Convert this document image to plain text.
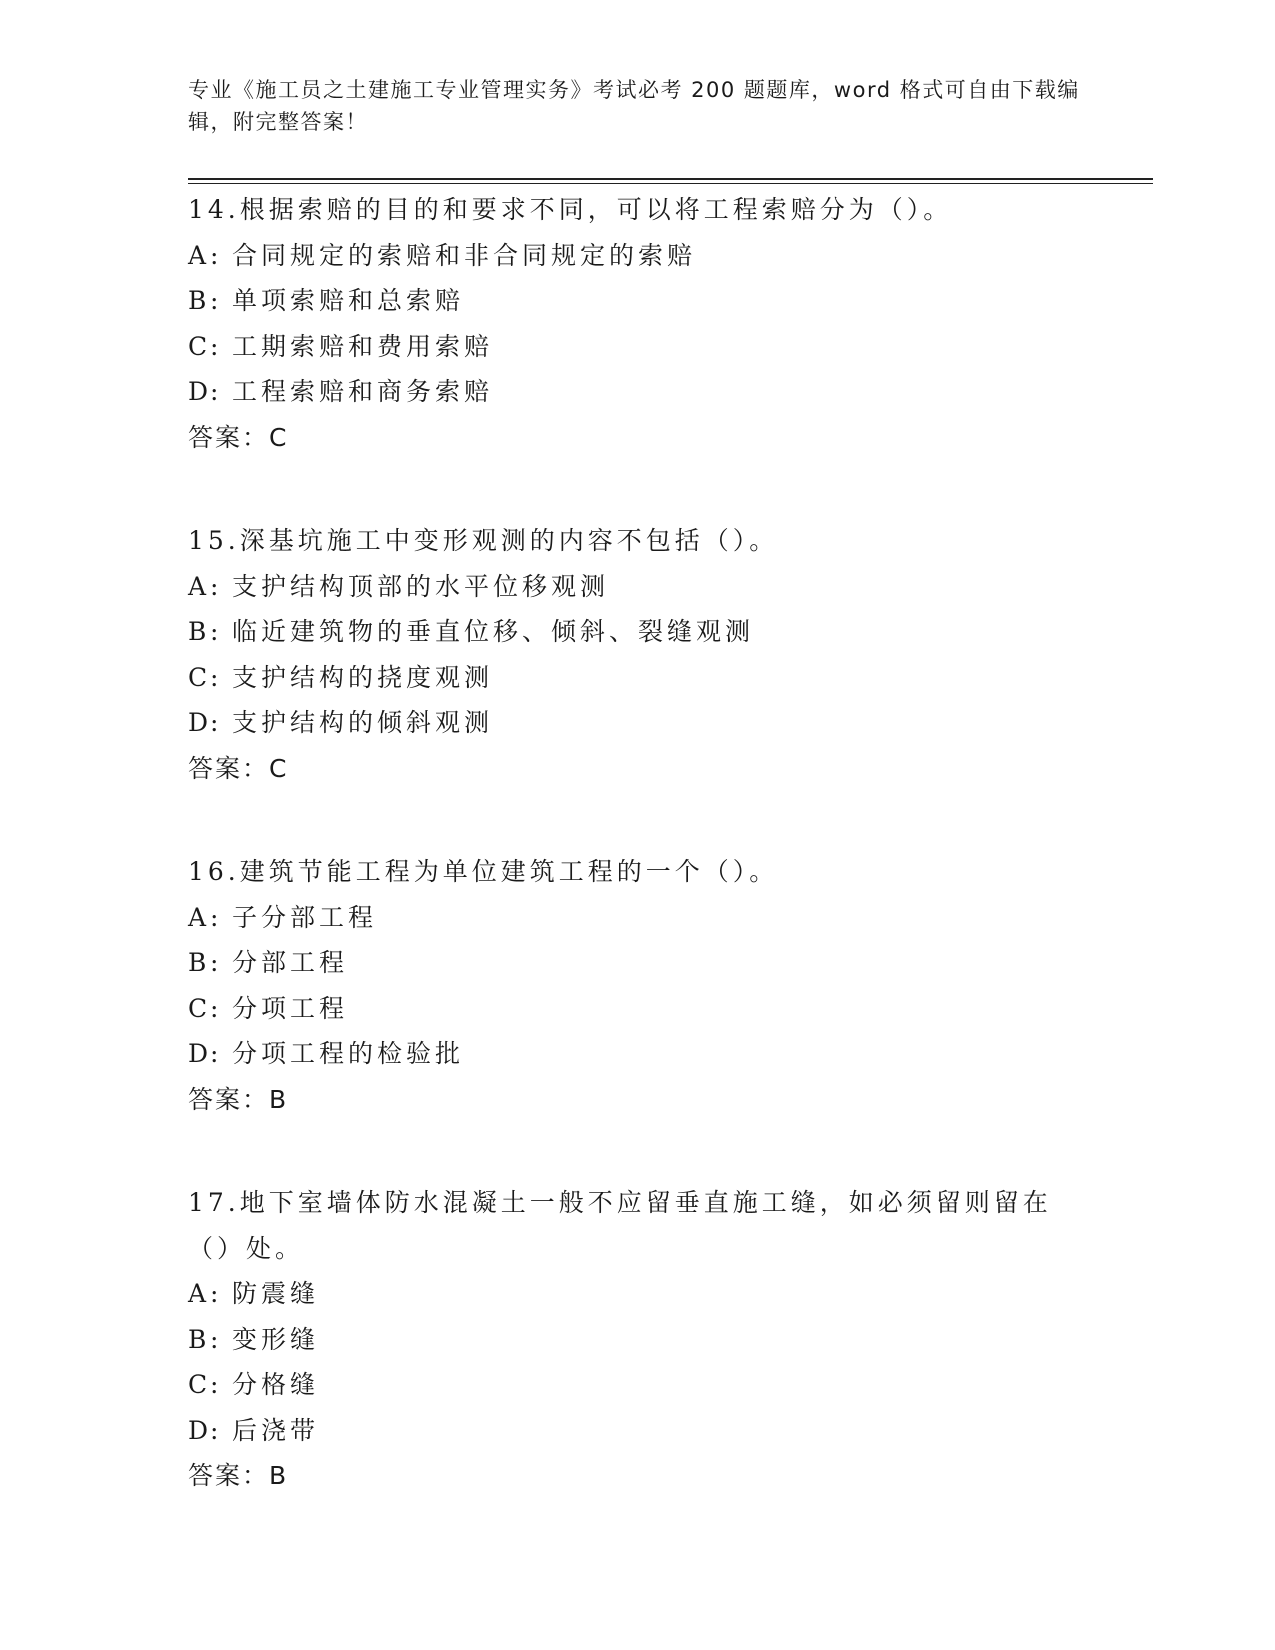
专业《施工员之土建施工专业管理实务》考试必考 200 题题库，word 格式可自由下载编辑，附完整答案！
14.根据索赔的目的和要求不同，可以将工程索赔分为（）。
A : 合同规定的索赔和非合同规定的索赔
B : 单项索赔和总索赔
C : 工期索赔和费用索赔
D: 工程索赔和商务索赔
答案：C
15.深基坑施工中变形观测的内容不包括（）。
A : 支护结构顶部的水平位移观测
B : 临近建筑物的垂直位移、倾斜、裂缝观测
C : 支护结构的挠度观测
D: 支护结构的倾斜观测
答案：C
16.建筑节能工程为单位建筑工程的一个（）。
A : 子分部工程
B : 分部工程
C : 分项工程
D: 分项工程的检验批
答案：B
17.地下室墙体防水混凝土一般不应留垂直施工缝，如必须留则留在（）处。
A : 防震缝
B : 变形缝
C : 分格缝
D: 后浇带
答案：B
